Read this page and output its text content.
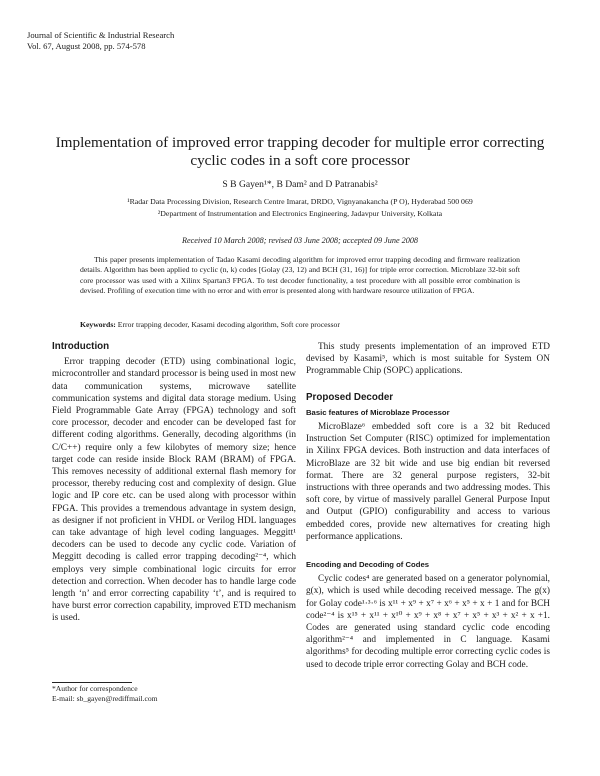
Journal of Scientific & Industrial Research
Vol. 67, August 2008, pp. 574-578
Implementation of improved error trapping decoder for multiple error correcting cyclic codes in a soft core processor
S B Gayen¹*, B Dam² and D Patranabis²
¹Radar Data Processing Division, Research Centre Imarat, DRDO, Vignyanakancha (P O), Hyderabad 500 069
²Department of Instrumentation and Electronics Engineering, Jadavpur University, Kolkata
Received 10 March 2008; revised 03 June 2008; accepted 09 June 2008
This paper presents implementation of Tadao Kasami decoding algorithm for improved error trapping decoding and firmware realization details. Algorithm has been applied to cyclic (n, k) codes [Golay (23, 12) and BCH (31, 16)] for triple error correction. Microblaze 32-bit soft core processor was used with a Xilinx Spartan3 FPGA. To test decoder functionality, a test procedure with all possible error combination is devised. Profiling of execution time with no error and with error is presented along with hardware resource utilization of FPGA.
Keywords: Error trapping decoder, Kasami decoding algorithm, Soft core processor
Introduction

Error trapping decoder (ETD) using combinational logic, microcontroller and standard processor is being used in most new data communication systems, microwave satellite communication systems and digital data storage medium. Using Field Programmable Gate Array (FPGA) technology and soft core processor, decoder and encoder can be developed fast for different coding algorithms. Generally, decoding algorithms (in C/C++) require only a few kilobytes of memory size; hence target code can reside inside Block RAM (BRAM) of FPGA. This removes necessity of additional external flash memory for processor, thereby reducing cost and complexity of design. Glue logic and IP core etc. can be used along with processor within FPGA. This provides a tremendous advantage in system design, as designer if not proficient in VHDL or Verilog HDL languages can take advantage of high level coding languages. Meggitt¹ decoders can be used to decode any cyclic code. Variation of Meggitt decoding is called error trapping decoding²⁻⁴, which employs very simple combinational logic circuits for error detection and correction. When decoder has to handle large code length ‘n’ and error correcting capability ‘t’, and is required to have burst error correction capability, improved ETD mechanism is used.

*Author for correspondence
E-mail: sb_gayen@rediffmail.com

This study presents implementation of an improved ETD devised by Kasami⁵, which is most suitable for System ON Programmable Chip (SOPC) applications.

Proposed Decoder
Basic features of Microblaze Processor

MicroBlaze⁶ embedded soft core is a 32 bit Reduced Instruction Set Computer (RISC) optimized for implementation in Xilinx FPGA devices. Both instruction and data interfaces of MicroBlaze are 32 bit wide and use big endian bit reversed format. There are 32 general purpose registers, 32-bit instructions with three operands and two addressing modes. This soft core, by virtue of massively parallel General Purpose Input and Output (GPIO) configurability and access to various embedded cores, provide new alternatives for creating high performance applications.

Encoding and Decoding of Codes

Cyclic codes⁴ are generated based on a generator polynomial, g(x), which is used while decoding received message. The g(x) for Golay code¹·³·⁶ is x¹¹ + x⁹ + x⁷ + x⁶ + x⁵ + x + 1 and for BCH code²⁻⁴ is x¹⁵ + x¹¹ + x¹⁰ + x⁹ + x⁸ + x⁷ + x⁵ + x³ + x² + x +1. Codes are generated using standard cyclic code encoding algorithm²⁻⁴ and implemented in C language. Kasami algorithms⁵ for decoding multiple error correcting cyclic codes is used to decode triple error correcting Golay and BCH code.
